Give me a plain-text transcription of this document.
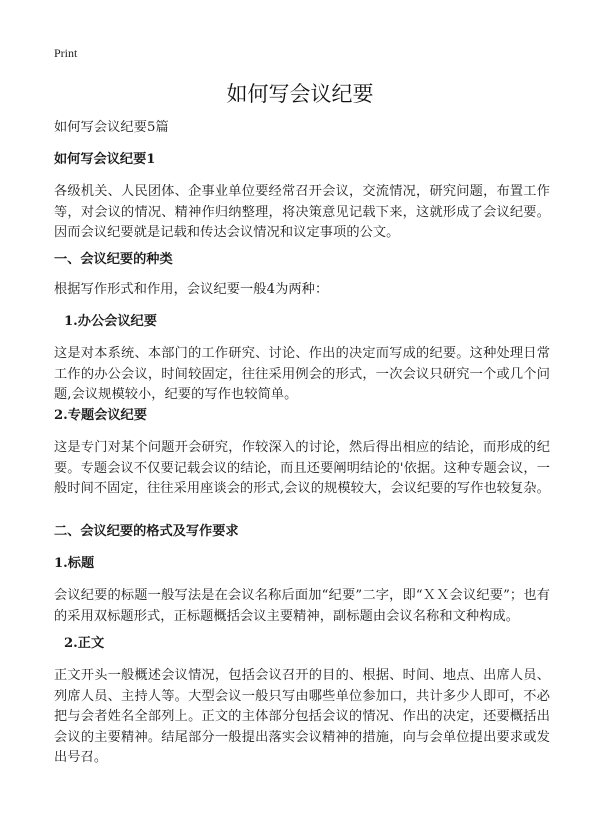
Print
如何写会议纪要

如何写会议纪要5篇

如何写会议纪要1

各级机关、人民团体、企事业单位要经常召开会议，交流情况，研究问题，布置工作等，对会议的情况、精神作归纳整理，将决策意见记载下来，这就形成了会议纪要。因而会议纪要就是记载和传达会议情况和议定事项的公文。

一、会议纪要的种类

根据写作形式和作用，会议纪要一般4为两种：

1.办公会议纪要

这是对本系统、本部门的工作研究、讨论、作出的决定而写成的纪要。这种处理日常工作的办公会议，时间较固定，往往采用例会的形式，一次会议只研究一个或几个问题,会议规模较小，纪要的写作也较简单。

2.专题会议纪要

这是专门对某个问题开会研究，作较深入的讨论，然后得出相应的结论，而形成的纪要。专题会议不仅要记载会议的结论，而且还要阐明结论的'依据。这种专题会议，一般时间不固定，往往采用座谈会的形式,会议的规模较大，会议纪要的写作也较复杂。

二、会议纪要的格式及写作要求

1.标题

会议纪要的标题一般写法是在会议名称后面加“纪要”二字，即“ＸＸ会议纪要”；也有的采用双标题形式，正标题概括会议主要精神，副标题由会议名称和文种构成。

2.正文

正文开头一般概述会议情况，包括会议召开的目的、根据、时间、地点、出席人员、列席人员、主持人等。大型会议一般只写由哪些单位参加口，共计多少人即可，不必把与会者姓名全部列上。正文的主体部分包括会议的情况、作出的决定，还要概括出会议的主要精神。结尾部分一般提出落实会议精神的措施，向与会单位提出要求或发出号召。
